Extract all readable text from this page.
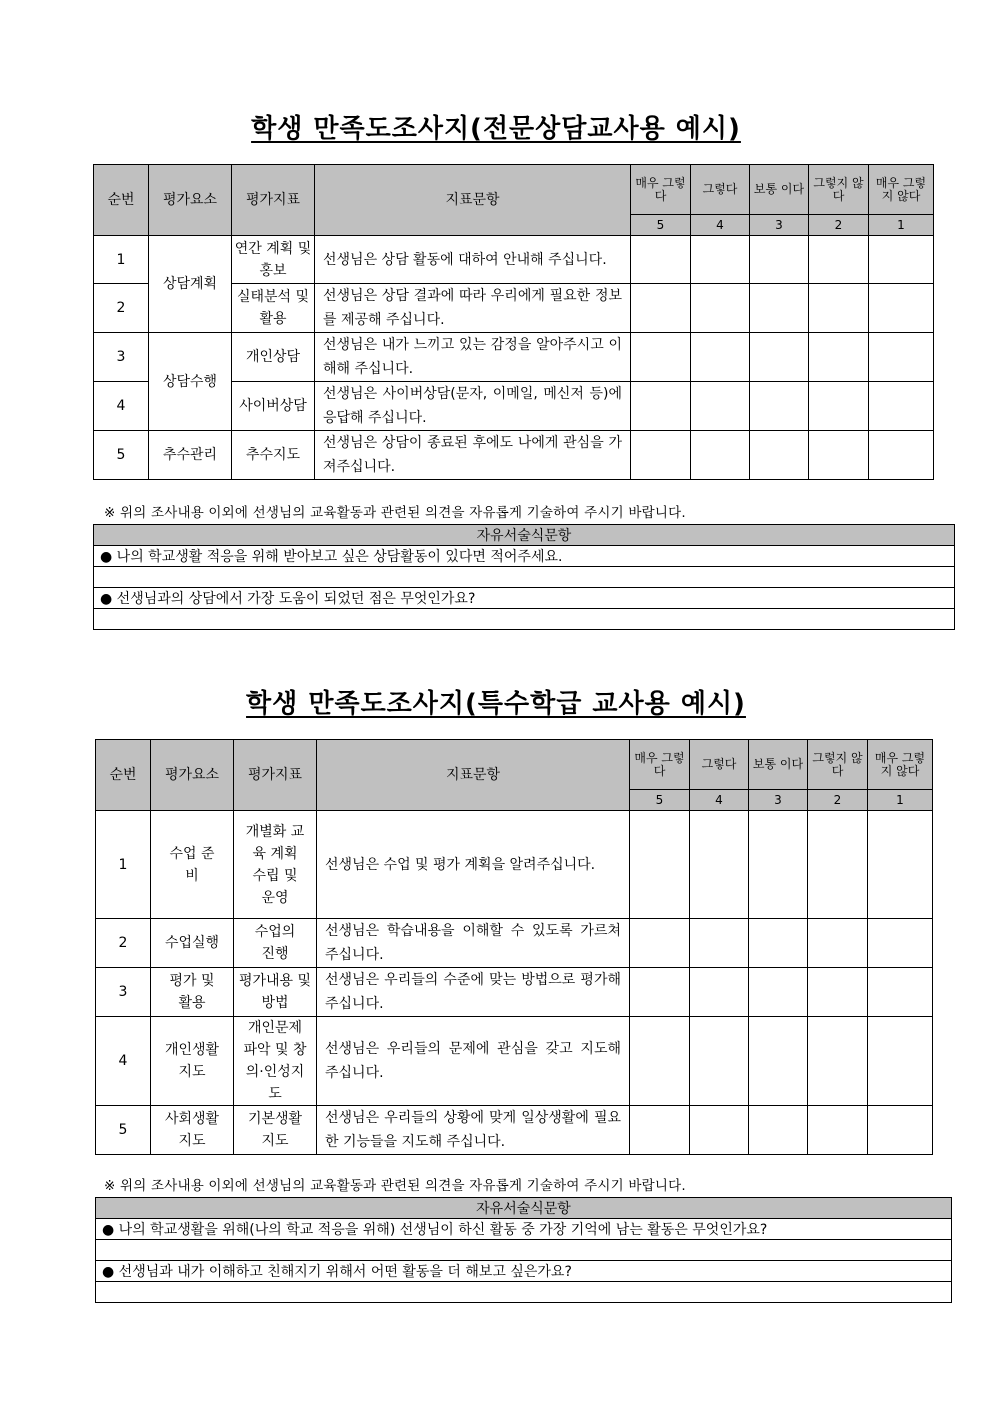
학생 만족도조사지(전문상담교사용 예시)
순번	평가요소	평가지표	지표문항	매우 그렇다	그렇다	보통 이다	그렇지 않다	매우 그렇지 않다
				5	4	3	2	1
1	상담계획	연간 계획 및 홍보	선생님은 상담 활동에 대하여 안내해 주십니다.					
2		실태분석 및 활용	선생님은 상담 결과에 따라 우리에게 필요한 정보를 제공해 주십니다.					
3	상담수행	개인상담	선생님은 내가 느끼고 있는 감정을 알아주시고 이해해 주십니다.					
4		사이버상담	선생님은 사이버상담(문자, 이메일, 메신저 등)에 응답해 주십니다.					
5	추수관리	추수지도	선생님은 상담이 종료된 후에도 나에게 관심을 가져주십니다.					
※ 위의 조사내용 이외에 선생님의 교육활동과 관련된 의견을 자유롭게 기술하여 주시기 바랍니다.
자유서술식문항
● 나의 학교생활 적응을 위해 받아보고 싶은 상담활동이 있다면 적어주세요.

● 선생님과의 상담에서 가장 도움이 되었던 점은 무엇인가요?

학생 만족도조사지(특수학급 교사용 예시)
순번	평가요소	평가지표	지표문항	매우 그렇다	그렇다	보통 이다	그렇지 않다	매우 그렇지 않다
				5	4	3	2	1
1	수업 준비	개별화 교육 계획 수립 및 운영	선생님은 수업 및 평가 계획을 알려주십니다.					
2	수업실행	수업의 진행	선생님은 학습내용을 이해할 수 있도록 가르쳐 주십니다.					
3	평가 및 활용	평가내용 및 방법	선생님은 우리들의 수준에 맞는 방법으로 평가해 주십니다.					
4	개인생활 지도	개인문제 파악 및 창의·인성지도	선생님은 우리들의 문제에 관심을 갖고 지도해 주십니다.					
5	사회생활 지도	기본생활 지도	선생님은 우리들의 상황에 맞게 일상생활에 필요한 기능들을 지도해 주십니다.					
※ 위의 조사내용 이외에 선생님의 교육활동과 관련된 의견을 자유롭게 기술하여 주시기 바랍니다.
자유서술식문항
● 나의 학교생활을 위해(나의 학교 적응을 위해) 선생님이 하신 활동 중 가장 기억에 남는 활동은 무엇인가요?

● 선생님과 내가 이해하고 친해지기 위해서 어떤 활동을 더 해보고 싶은가요?
